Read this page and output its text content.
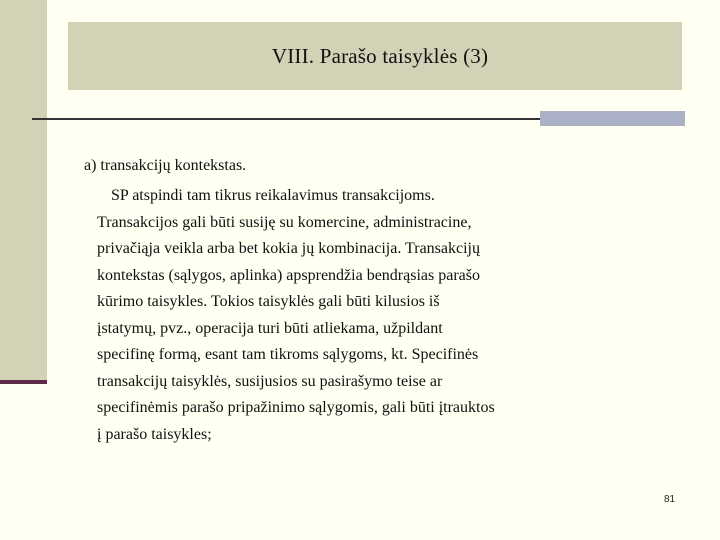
VIII. Parašo taisyklės (3)
a) transakcijų kontekstas.
SP atspindi tam tikrus reikalavimus transakcijoms.
Transakcijos gali būti susiję su komercine, administracine,
privačiąja veikla arba bet kokia jų kombinacija. Transakcijų
kontekstas (sąlygos, aplinka) apsprendžia bendrąsias parašo
kūrimo taisykles. Tokios taisyklės gali būti kilusios iš
įstatymų, pvz., operacija turi būti atliekama, užpildant
specifinę formą, esant tam tikroms sąlygoms, kt. Specifinės
transakcijų taisyklės, susijusios su pasirašymo teise ar
specifinėmis parašo pripažinimo sąlygomis, gali būti įtrauktos
į parašo taisykles;
81
